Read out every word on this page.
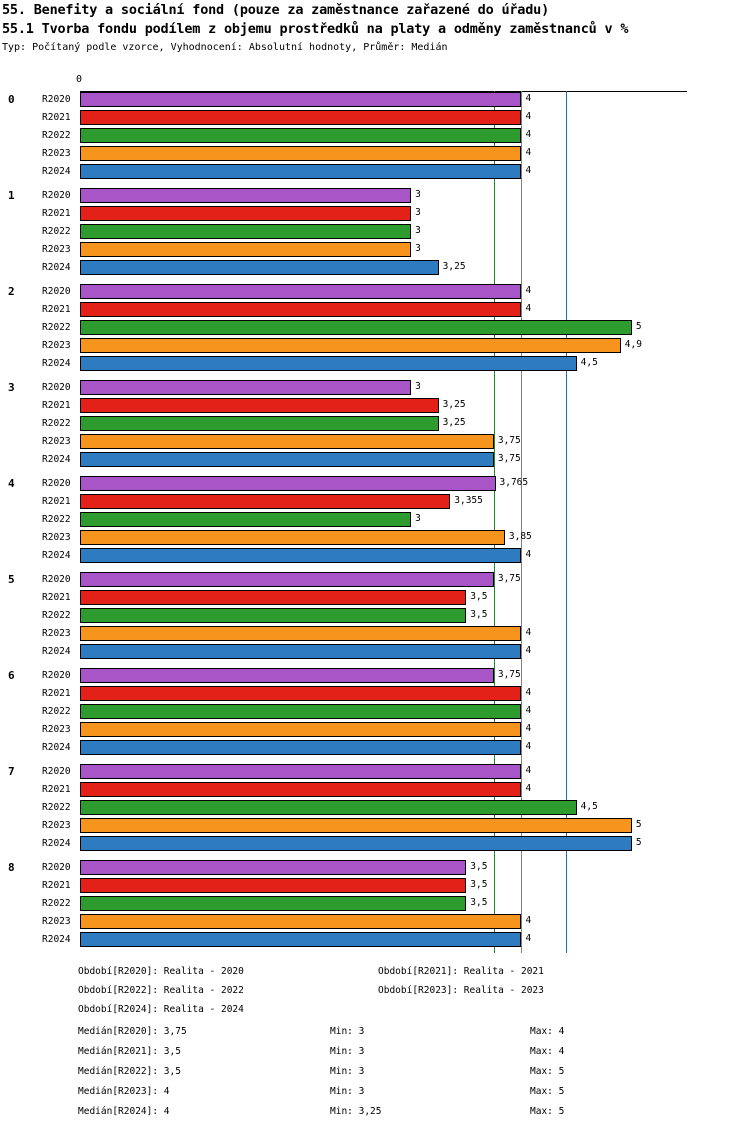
55. Benefity a sociální fond (pouze za zaměstnance zařazené do úřadu)
55.1 Tvorba fondu podílem z objemu prostředků na platy a odměny zaměstnanců v %
Typ: Počítaný podle vzorce, Vyhodnocení: Absolutní hodnoty, Průměr: Medián
0
0	R2020	4
R2021	4
R2022	4
R2023	4
R2024	4
1	R2020	3
R2021	3
R2022	3
R2023	3
R2024	3,25
2	R2020	4
R2021	4
R2022	5
R2023	4,9
R2024	4,5
3	R2020	3
R2021	3,25
R2022	3,25
R2023	3,75
R2024	3,75
4	R2020	3,765
R2021	3,355
R2022	3
R2023	3,85
R2024	4
5	R2020	3,75
R2021	3,5
R2022	3,5
R2023	4
R2024	4
6	R2020	3,75
R2021	4
R2022	4
R2023	4
R2024	4
7	R2020	4
R2021	4
R2022	4,5
R2023	5
R2024	5
8	R2020	3,5
R2021	3,5
R2022	3,5
R2023	4
R2024	4
Období[R2020]: Realita - 2020	Období[R2021]: Realita - 2021
Období[R2022]: Realita - 2022	Období[R2023]: Realita - 2023
Období[R2024]: Realita - 2024
Medián[R2020]: 3,75	Min: 3	Max: 4
Medián[R2021]: 3,5	Min: 3	Max: 4
Medián[R2022]: 3,5	Min: 3	Max: 5
Medián[R2023]: 4	Min: 3	Max: 5
Medián[R2024]: 4	Min: 3,25	Max: 5
